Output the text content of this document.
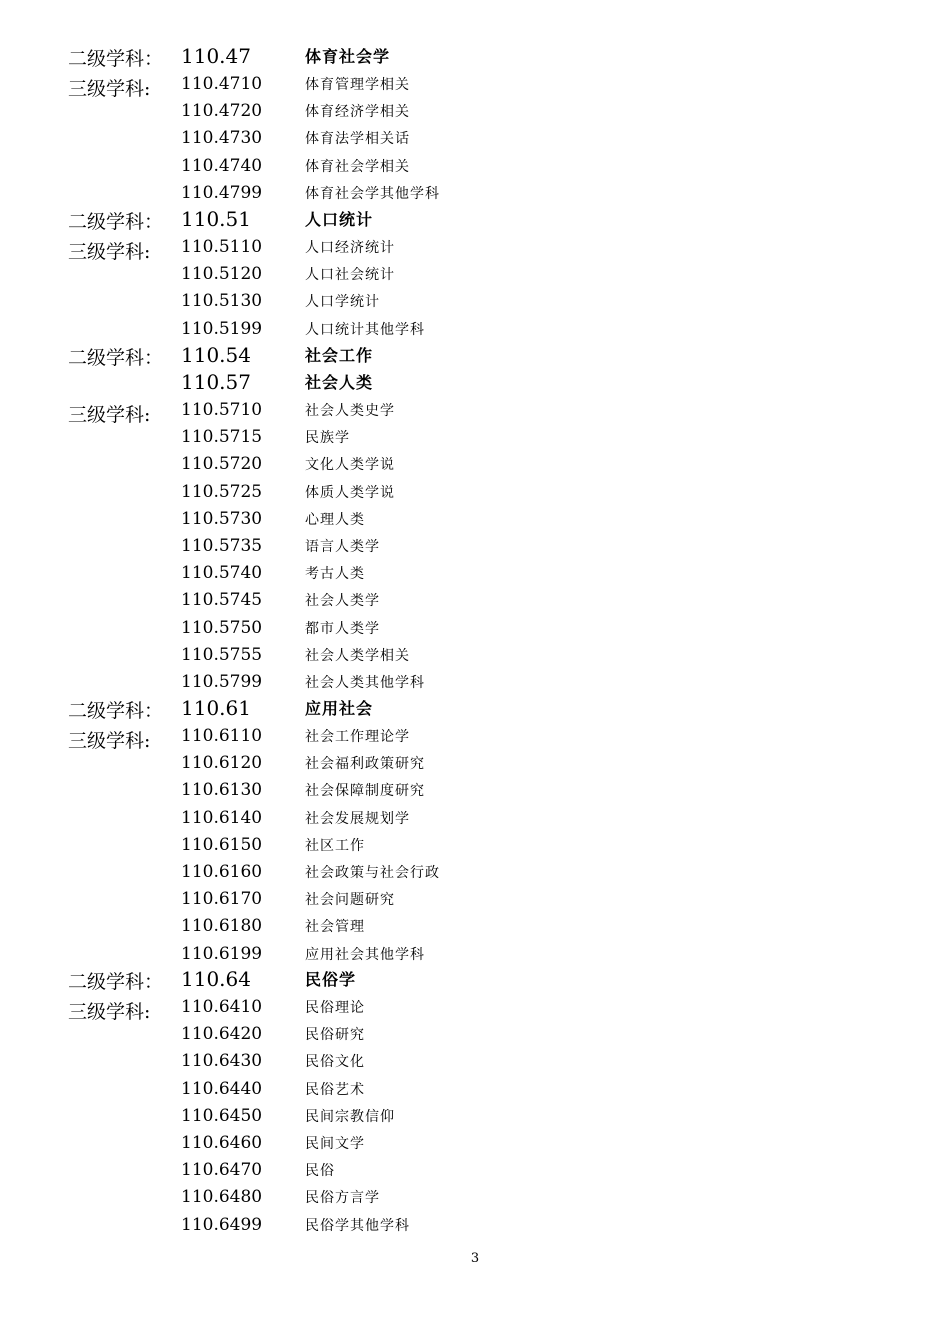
二级学科： 110.47	体育社会学
三级学科: 110.4710	体育管理学相关
110.4720	体育经济学相关
110.4730	体育法学相关话
110.4740	体育社会学相关
110.4799	体育社会学其他学科
二级学科： 110.51	人口统计
三级学科: 110.5110	人口经济统计
110.5120	人口社会统计
110.5130	人口学统计
110.5199	人口统计其他学科
二级学科： 110.54	社会工作
110.57	社会人类
三级学科: 110.5710	社会人类史学
110.5715	民族学
110.5720	文化人类学说
110.5725	体质人类学说
110.5730	心理人类
110.5735	语言人类学
110.5740	考古人类
110.5745	社会人类学
110.5750	都市人类学
110.5755	社会人类学相关
110.5799	社会人类其他学科
二级学科： 110.61	应用社会
三级学科: 110.6110	社会工作理论学
110.6120	社会福利政策研究
110.6130	社会保障制度研究
110.6140	社会发展规划学
110.6150	社区工作
110.6160	社会政策与社会行政
110.6170	社会问题研究
110.6180	社会管理
110.6199	应用社会其他学科
二级学科： 110.64	民俗学
三级学科: 110.6410	民俗理论
110.6420	民俗研究
110.6430	民俗文化
110.6440	民俗艺术
110.6450	民间宗教信仰
110.6460	民间文学
110.6470	民俗
110.6480	民俗方言学
110.6499	民俗学其他学科
3
